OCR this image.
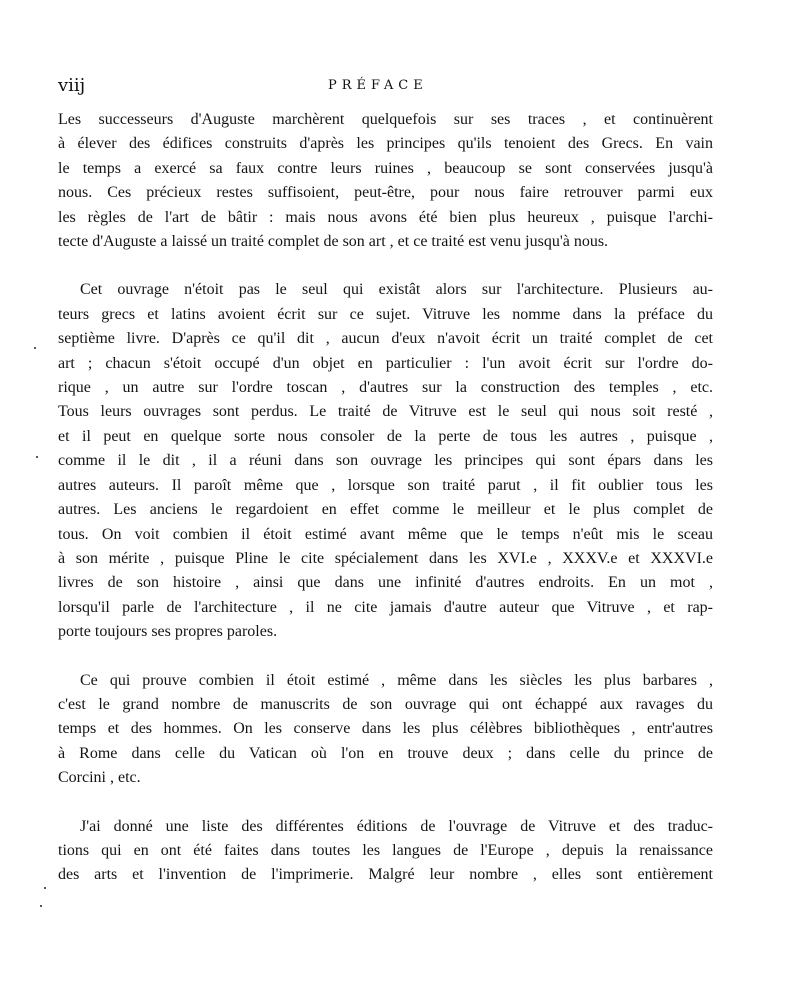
viij	PRÉFACE

Les successeurs d'Auguste marchèrent quelquefois sur ses traces , et continuèrent
à élever des édifices construits d'après les principes qu'ils tenoient des Grecs. En vain
le temps a exercé sa faux contre leurs ruines , beaucoup se sont conservées jusqu'à
nous. Ces précieux restes suffisoient, peut-être, pour nous faire retrouver parmi eux
les règles de l'art de bâtir : mais nous avons été bien plus heureux , puisque l'archi-
tecte d'Auguste a laissé un traité complet de son art , et ce traité est venu jusqu'à nous.

Cet ouvrage n'étoit pas le seul qui existât alors sur l'architecture. Plusieurs au-
teurs grecs et latins avoient écrit sur ce sujet. Vitruve les nomme dans la préface du
septième livre. D'après ce qu'il dit , aucun d'eux n'avoit écrit un traité complet de cet
art ; chacun s'étoit occupé d'un objet en particulier : l'un avoit écrit sur l'ordre do-
rique , un autre sur l'ordre toscan , d'autres sur la construction des temples , etc.
Tous leurs ouvrages sont perdus. Le traité de Vitruve est le seul qui nous soit resté ,
et il peut en quelque sorte nous consoler de la perte de tous les autres , puisque ,
comme il le dit , il a réuni dans son ouvrage les principes qui sont épars dans les
autres auteurs. Il paroît même que , lorsque son traité parut , il fit oublier tous les
autres. Les anciens le regardoient en effet comme le meilleur et le plus complet de
tous. On voit combien il étoit estimé avant même que le temps n'eût mis le sceau
à son mérite , puisque Pline le cite spécialement dans les XVI.e , XXXV.e et XXXVI.e
livres de son histoire , ainsi que dans une infinité d'autres endroits. En un mot ,
lorsqu'il parle de l'architecture , il ne cite jamais d'autre auteur que Vitruve , et rap-
porte toujours ses propres paroles.

Ce qui prouve combien il étoit estimé , même dans les siècles les plus barbares ,
c'est le grand nombre de manuscrits de son ouvrage qui ont échappé aux ravages du
temps et des hommes. On les conserve dans les plus célèbres bibliothèques , entr'autres
à Rome dans celle du Vatican où l'on en trouve deux ; dans celle du prince de
Corcini , etc.

J'ai donné une liste des différentes éditions de l'ouvrage de Vitruve et des traduc-
tions qui en ont été faites dans toutes les langues de l'Europe , depuis la renaissance
des arts et l'invention de l'imprimerie. Malgré leur nombre , elles sont entièrement
